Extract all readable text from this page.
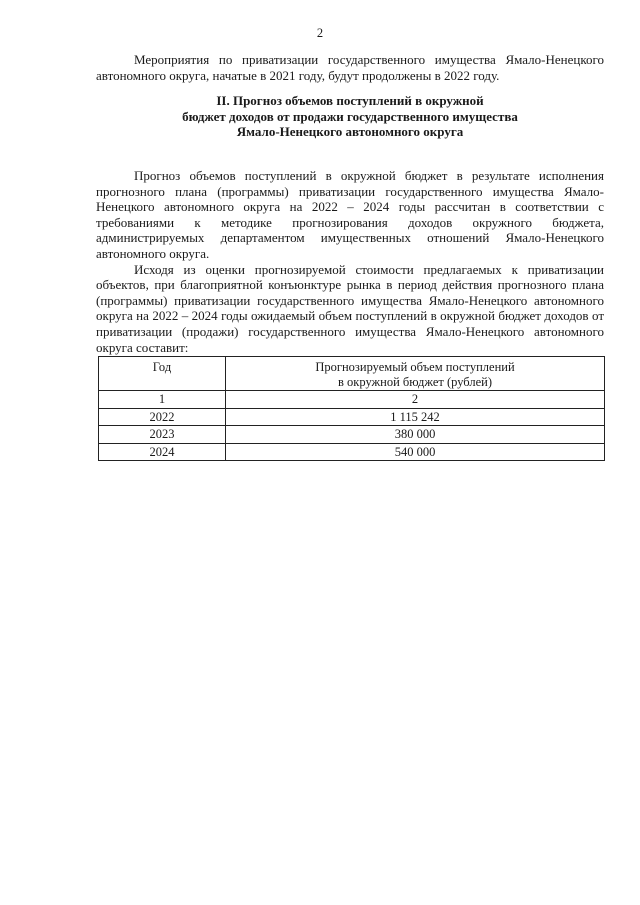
2

Мероприятия по приватизации государственного имущества Ямало-Ненецкого автономного округа, начатые в 2021 году, будут продолжены в 2022 году.

II. Прогноз объемов поступлений в окружной
бюджет доходов от продажи государственного имущества
Ямало-Ненецкого автономного округа

Прогноз объемов поступлений в окружной бюджет в результате исполнения прогнозного плана (программы) приватизации государственного имущества Ямало-Ненецкого автономного округа на 2022 – 2024 годы рассчитан в соответствии с требованиями к методике прогнозирования доходов окружного бюджета, администрируемых департаментом имущественных отношений Ямало-Ненецкого автономного округа.

Исходя из оценки прогнозируемой стоимости предлагаемых к приватизации объектов, при благоприятной конъюнктуре рынка в период действия прогнозного плана (программы) приватизации государственного имущества Ямало-Ненецкого автономного округа на 2022 – 2024 годы ожидаемый объем поступлений в окружной бюджет доходов от приватизации (продажи) государственного имущества Ямало-Ненецкого автономного округа составит:

Год	Прогнозируемый объем поступлений
в окружной бюджет (рублей)

1	2
2022	1 115 242
2023	380 000
2024	540 000
